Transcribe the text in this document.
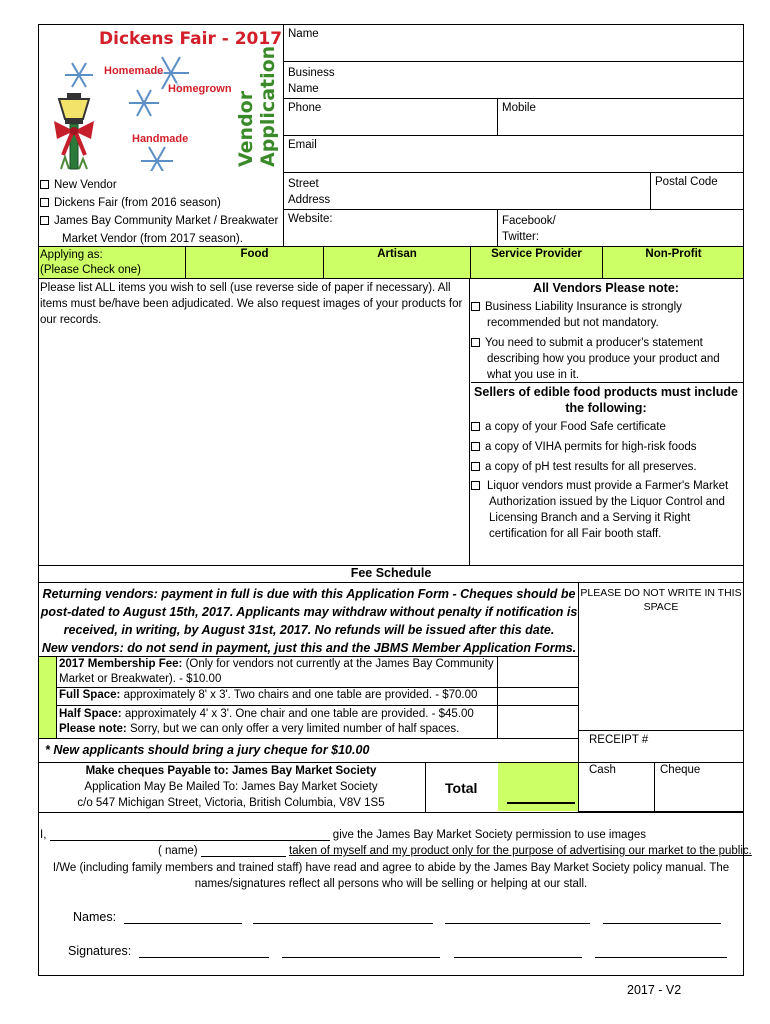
Dickens Fair - 2017
Homemade
Homegrown
Handmade Vendor Application
Name
Business
Name
Phone	Mobile
Email
Street
Address
Postal Code
Website:	Facebook/
Twitter:
New Vendor
Dickens Fair (from 2016 season)
James Bay Community Market / Breakwater
Market Vendor (from 2017 season).
Applying as:
(Please Check one)
Food	Artisan	Service Provider	Non-Profit
Please list ALL items you wish to sell (use reverse side of paper if necessary). All items must be/have been adjudicated. We also request images of your products for our records.
All Vendors Please note:
Business Liability Insurance is strongly
recommended but not mandatory.
You need to submit a producer's statement
describing how you produce your product and
what you use in it.
Sellers of edible food products must include
the following:
a copy of your Food Safe certificate
a copy of VIHA permits for high-risk foods
a copy of pH test results for all preserves.
Liquor vendors must provide a Farmer's Market
Authorization issued by the Liquor Control and
Licensing Branch and a Serving it Right
certification for all Fair booth staff.
Fee Schedule
Returning vendors: payment in full is due with this Application Form - Cheques should be
post-dated to August 15th, 2017. Applicants may withdraw without penalty if notification is
received, in writing, by August 31st, 2017. No refunds will be issued after this date.
New vendors: do not send in payment, just this and the JBMS Member Application Forms.
PLEASE DO NOT WRITE IN THIS
SPACE
RECEIPT #
Cash	Cheque
2017 Membership Fee: (Only for vendors not currently at the James Bay Community
Market or Breakwater). - $10.00
Full Space: approximately 8' x 3'. Two chairs and one table are provided. - $70.00
Half Space: approximately 4' x 3'. One chair and one table are provided. - $45.00
Please note: Sorry, but we can only offer a very limited number of half spaces.
* New applicants should bring a jury cheque for $10.00
Make cheques Payable to: James Bay Market Society
Application May Be Mailed To: James Bay Market Society
c/o 547 Michigan Street, Victoria, British Columbia, V8V 1S5
Total
I,	give the James Bay Market Society permission to use images
( name)	taken of myself and my product only for the purpose of advertising our market to the public.
I/We (including family members and trained staff) have read and agree to abide by the James Bay Market Society policy manual. The
names/signatures reflect all persons who will be selling or helping at our stall.
Names:
Signatures:
2017 - V2
